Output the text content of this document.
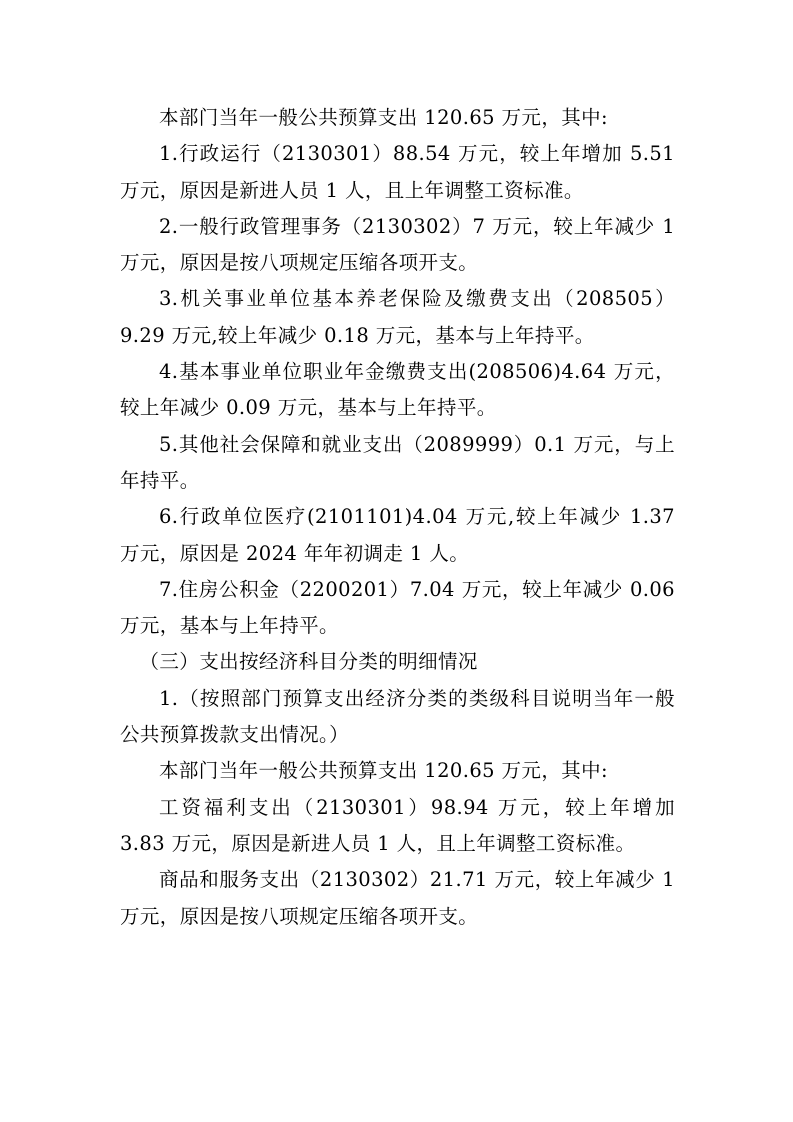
本部门当年一般公共预算支出 120.65 万元，其中:

1.行政运行（2130301）88.54 万元，较上年增加 5.51 万元，原因是新进人员 1 人，且上年调整工资标准。

2.一般行政管理事务（2130302）7 万元，较上年减少 1 万元，原因是按八项规定压缩各项开支。

3.机关事业单位基本养老保险及缴费支出（208505）9.29 万元,较上年减少 0.18 万元，基本与上年持平。

4.基本事业单位职业年金缴费支出(208506)4.64 万元，较上年减少 0.09 万元，基本与上年持平。

5.其他社会保障和就业支出（2089999）0.1 万元，与上年持平。

6.行政单位医疗(2101101)4.04 万元,较上年减少 1.37 万元，原因是 2024 年年初调走 1 人。

7.住房公积金（2200201）7.04 万元，较上年减少 0.06 万元，基本与上年持平。

（三）支出按经济科目分类的明细情况

1.（按照部门预算支出经济分类的类级科目说明当年一般公共预算拨款支出情况。）

本部门当年一般公共预算支出 120.65 万元，其中:

工资福利支出（2130301）98.94 万元，较上年增加 3.83 万元，原因是新进人员 1 人，且上年调整工资标准。

商品和服务支出（2130302）21.71 万元，较上年减少 1 万元，原因是按八项规定压缩各项开支。
